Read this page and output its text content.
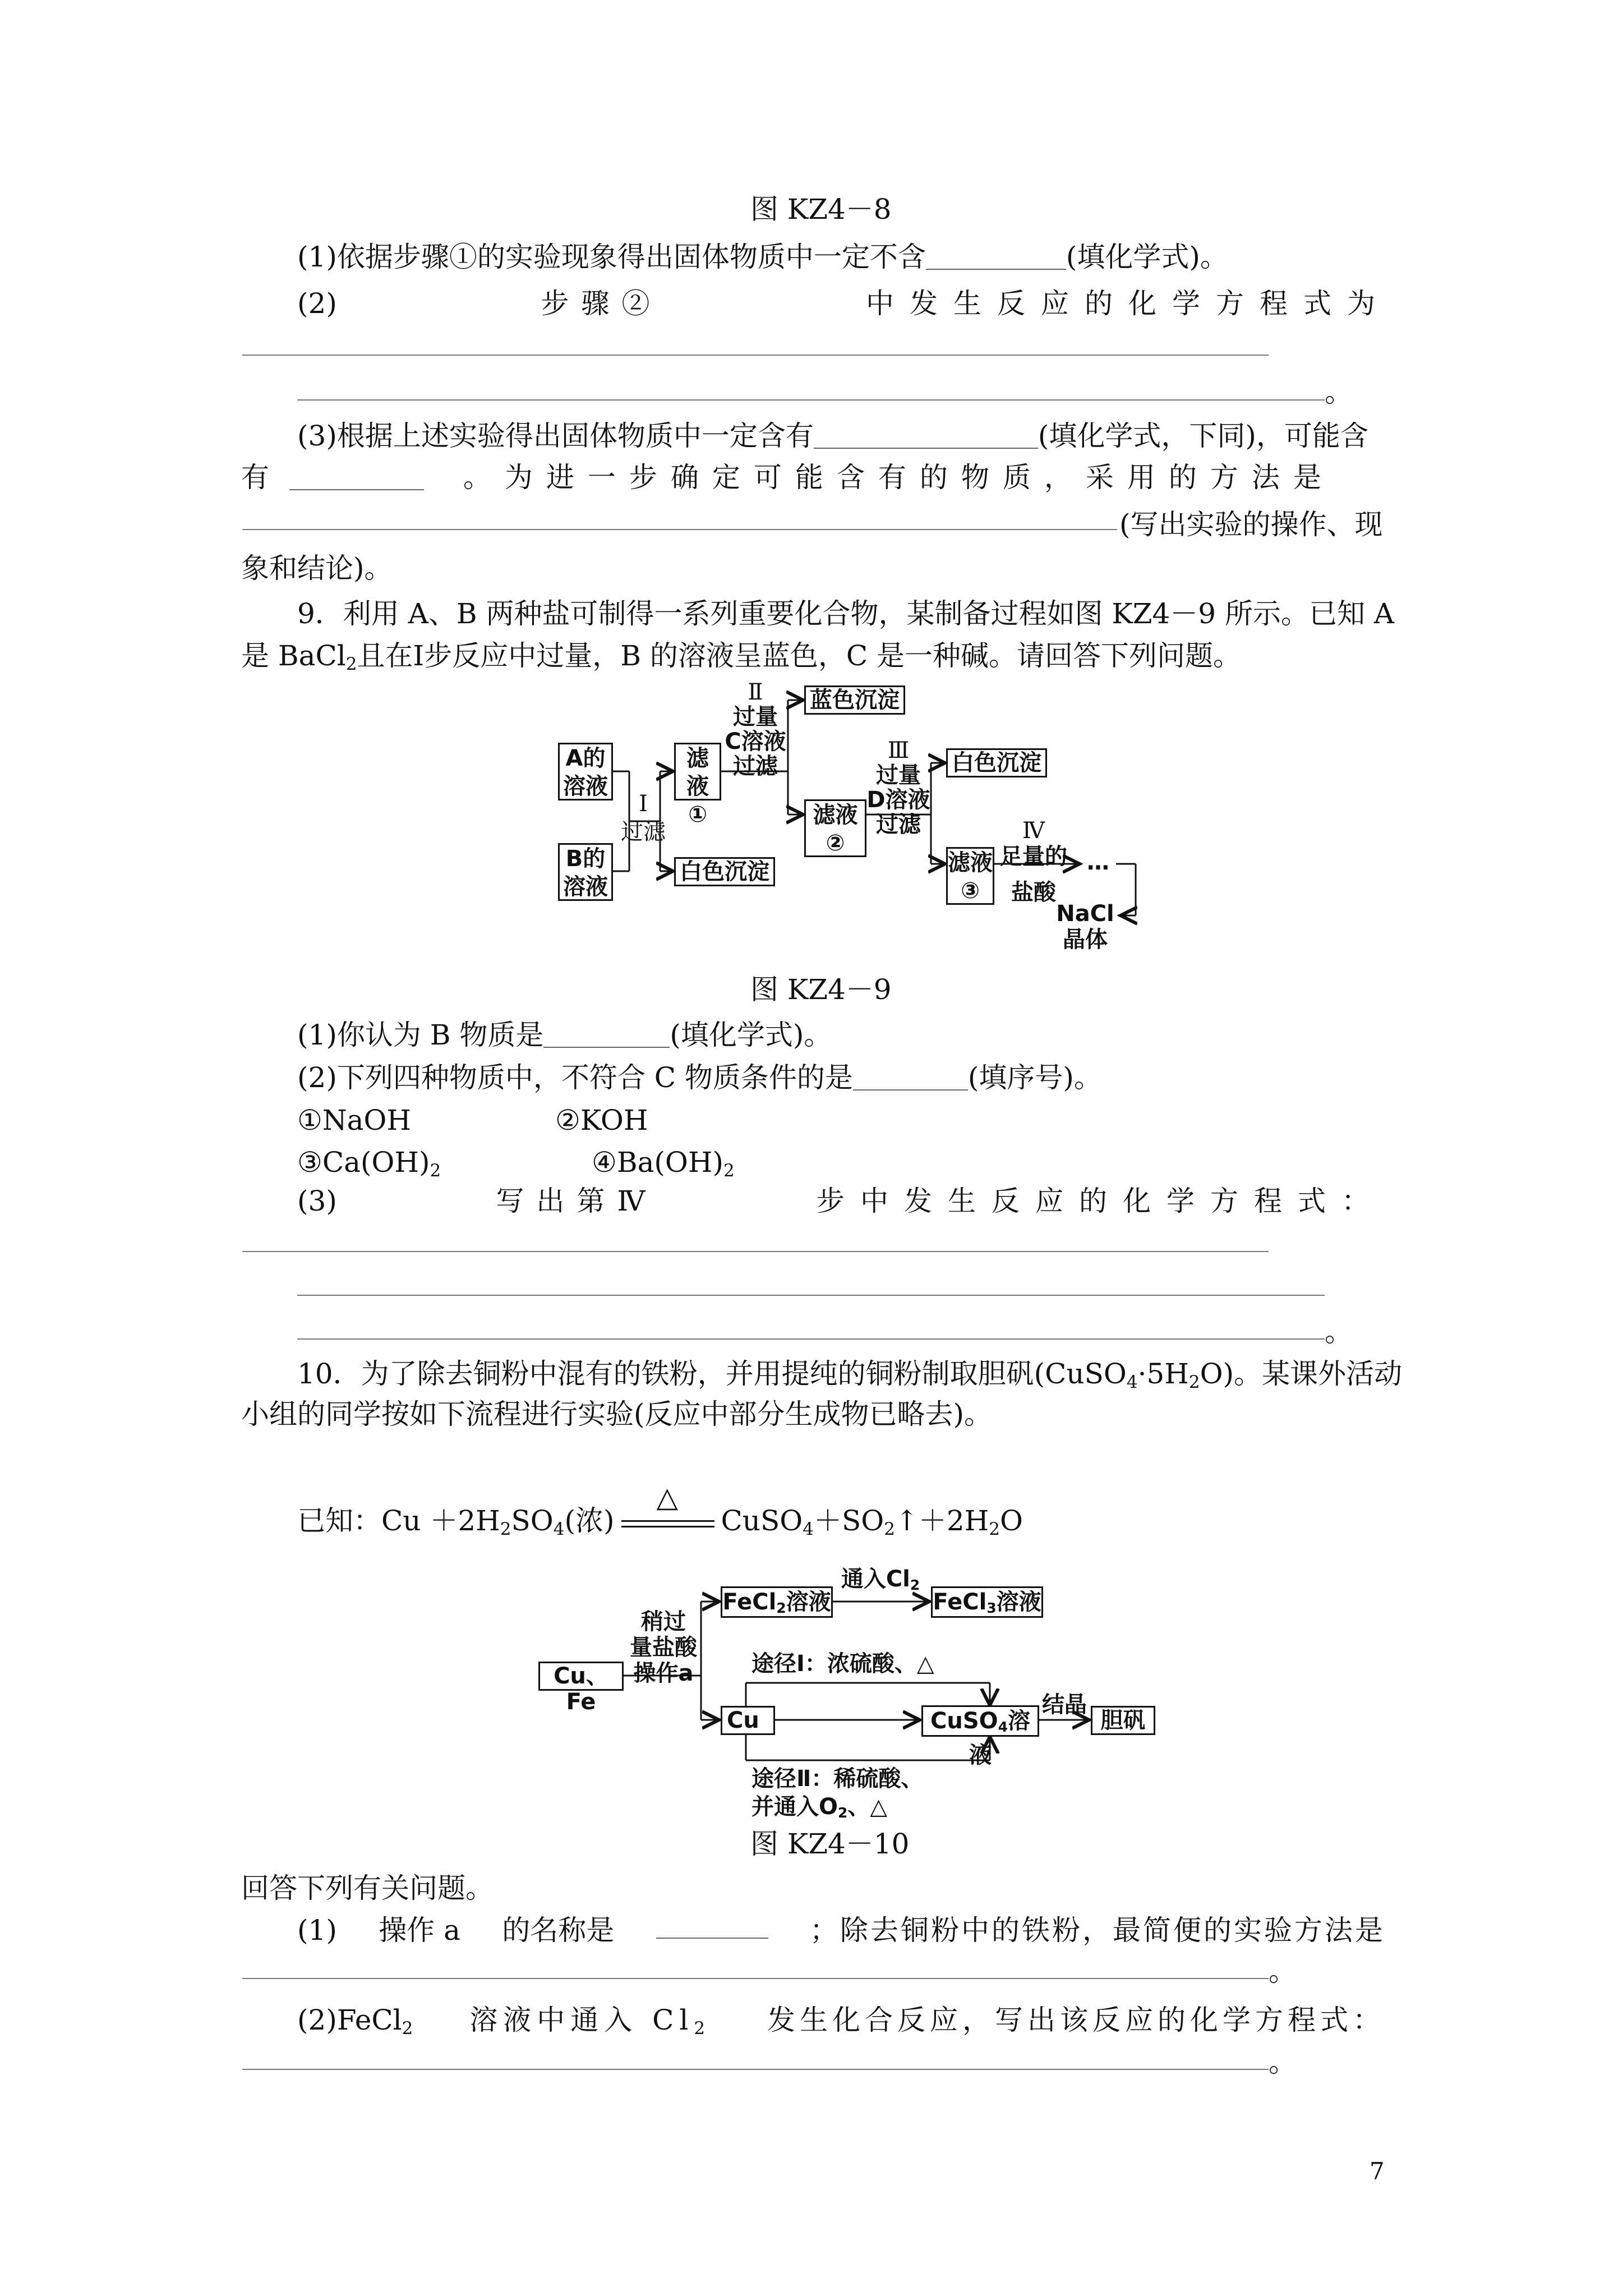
图 KZ4－8
(1)依据步骤①的实验现象得出固体物质中一定不含	(填化学式)。
(2)	步骤②	中发生反应的化学方程式为
。
(3)根据上述实验得出固体物质中一定含有	(填化学式，下同)，可能含
有	。为进一步确定可能含有的物质，采用的方法是
(写出实验的操作、现
象和结论)。
9．利用 A、B 两种盐可制得一系列重要化合物，某制备过程如图 KZ4－9 所示。已知 A
是 BaCl$_2$且在Ⅰ步反应中过量，B 的溶液呈蓝色，C 是一种碱。请回答下列问题。
A的
溶液
B的
溶液
Ⅰ
过滤
滤液
①
白色沉淀
Ⅱ
过量
C溶液
过滤
蓝色沉淀
滤液
②
Ⅲ
过量
D溶液
过滤
白色沉淀
滤液
③
Ⅳ
足量的
盐酸
…
NaCl
晶体
图 KZ4－9
(1)你认为 B 物质是	(填化学式)。
(2)下列四种物质中，不符合 C 物质条件的是	(填序号)。
①NaOH	②KOH
$③Ca(OH)_2$	$④Ba(OH)_2$
(3)	写出第Ⅳ	步中发生反应的化学方程式：
。
10．为了除去铜粉中混有的铁粉，并用提纯的铜粉制取胆矾$(CuSO_4\cdot 5H_2O)$。某课外活动
小组的同学按如下流程进行实验(反应中部分生成物已略去)。
已知：$Cu +2H_2SO_4$(浓)
△
$CuSO_4+SO_2↑+2H_2O$
Cu、Fe
稍过
量盐酸
操作a
FeCl$_2$溶液
通入$Cl_2$
FeCl$_3$溶液
途径Ⅰ：浓硫酸、△
Cu	CuSO$_4$溶液
结晶
胆矾
途径Ⅱ：稀硫酸、
并通入$O_2$、△
图 KZ4－10
回答下列有关问题。
(1) 操作 a 的名称是	；除去铜粉中的铁粉，最简便的实验方法是
。
(2)FeCl$_2$ 溶液中通入 $Cl_2$ 发生化合反应，写出该反应的化学方程式：
。
7
